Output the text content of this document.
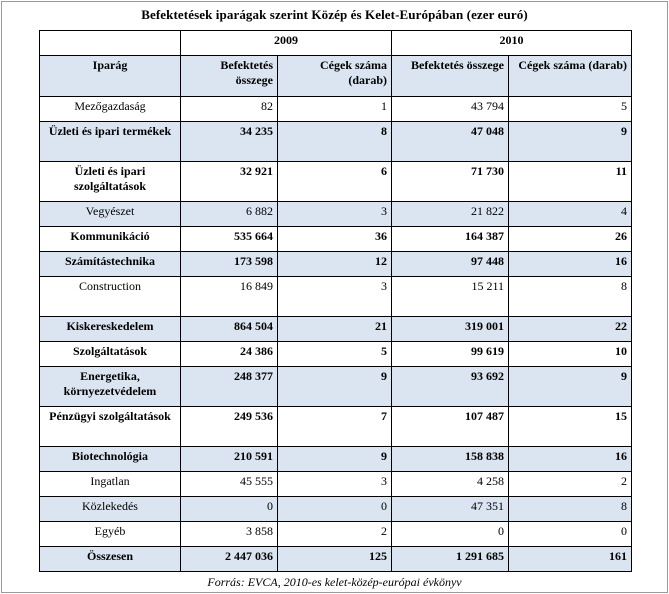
Befektetések iparágak szerint Közép és Kelet-Európában (ezer euró)
	2009		2010	
Iparág	Befektetés összege	Cégek száma (darab)	Befektetés összege	Cégek száma (darab)
Mezőgazdaság	82	1	43 794	5
Üzleti és ipari termékek	34 235	8	47 048	9
Üzleti és ipari szolgáltatások	32 921	6	71 730	11
Vegyészet	6 882	3	21 822	4
Kommunikáció	535 664	36	164 387	26
Számítástechnika	173 598	12	97 448	16
Construction	16 849	3	15 211	8
Kiskereskedelem	864 504	21	319 001	22
Szolgáltatások	24 386	5	99 619	10
Energetika, környezetvédelem	248 377	9	93 692	9
Pénzügyi szolgáltatások	249 536	7	107 487	15
Biotechnológia	210 591	9	158 838	16
Ingatlan	45 555	3	4 258	2
Közlekedés	0	0	47 351	8
Egyéb	3 858	2	0	0
Összesen	2 447 036	125	1 291 685	161
Forrás: EVCA, 2010-es kelet-közép-európai évkönyv
